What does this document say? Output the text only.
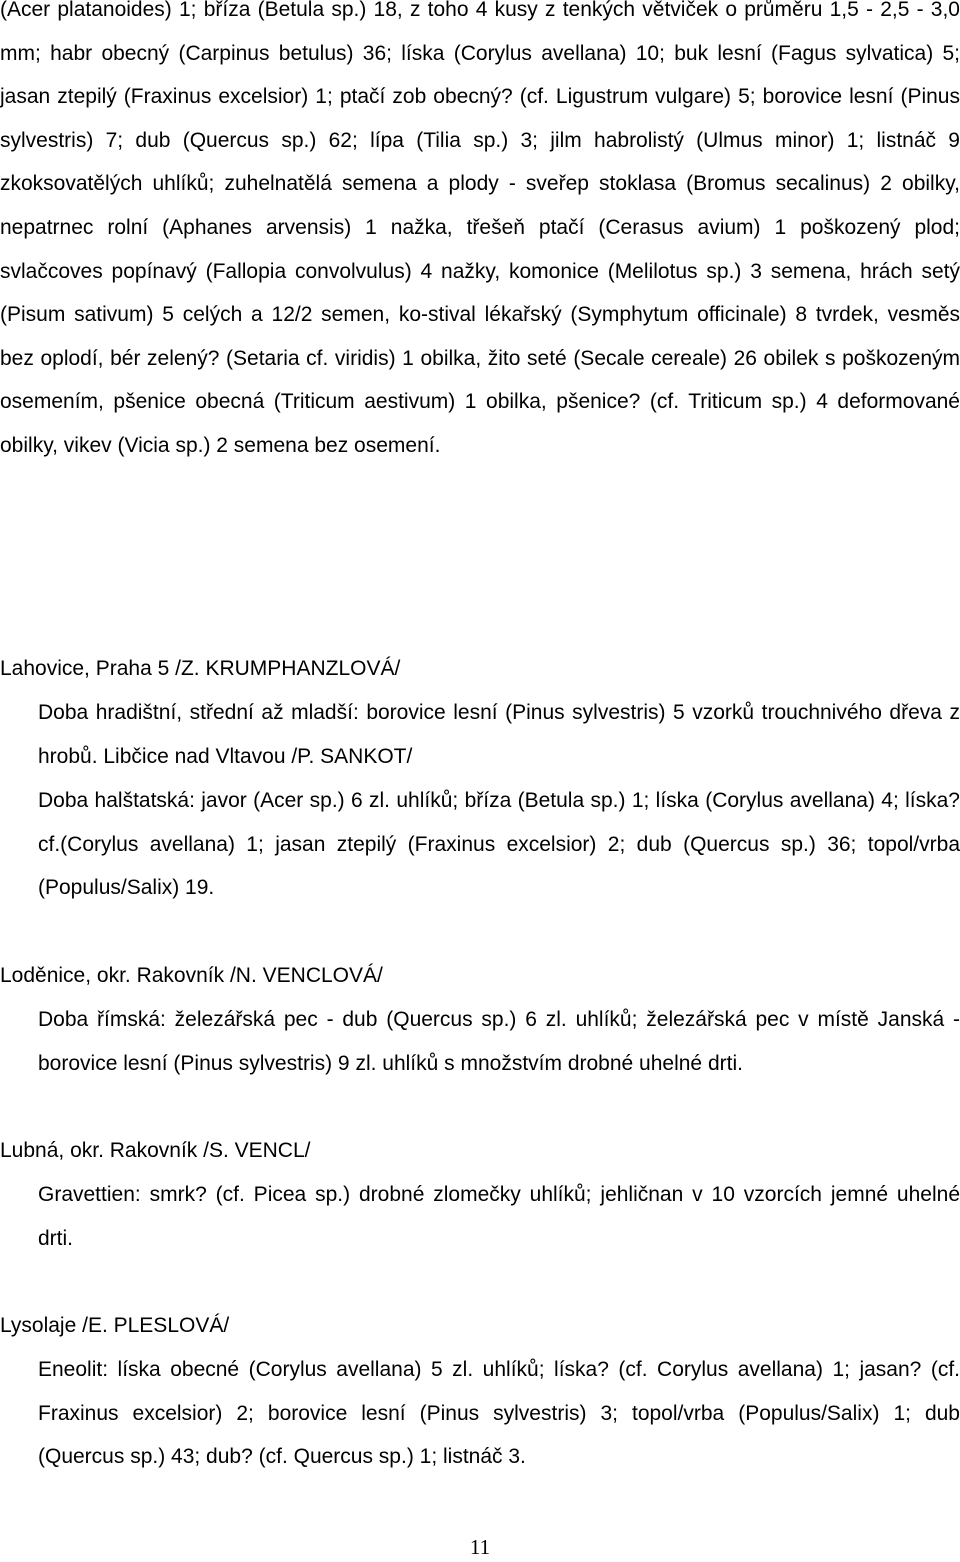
(Acer platanoides) 1; bříza (Betula sp.) 18, z toho 4 kusy z tenkých větviček o průměru 1,5 - 2,5 - 3,0 mm; habr obecný (Carpinus betulus) 36; líska (Corylus avellana) 10; buk lesní (Fagus sylvatica) 5; jasan ztepilý (Fraxinus excelsior) 1; ptačí zob obecný? (cf. Ligustrum vulgare) 5; borovice lesní (Pinus sylvestris) 7; dub (Quercus sp.) 62; lípa (Tilia sp.) 3; jilm habrolistý (Ulmus minor) 1; listnáč 9 zkoksovatělých uhlíků; zuhelnatělá semena a plody - sveřep stoklasa (Bromus secalinus) 2 obilky, nepatrnec rolní (Aphanes arvensis) 1 nažka, třešeň ptačí (Cerasus avium) 1 poškozený plod; svlačcoves popínavý (Fallopia convolvulus) 4 nažky, komonice (Melilotus sp.) 3 semena, hrách setý (Pisum sativum) 5 celých a 12/2 semen, ko-stival lékařský (Symphytum officinale) 8 tvrdek, vesměs bez oplodí, bér zelený? (Setaria cf. viridis) 1 obilka, žito seté (Secale cereale) 26 obilek s poškozeným osemením, pšenice obecná (Triticum aestivum) 1 obilka, pšenice? (cf. Triticum sp.) 4 deformované obilky, vikev (Vicia sp.) 2 semena bez osemení.

Lahovice, Praha 5 /Z. KRUMPHANZLOVÁ/

Doba hradištní, střední až mladší: borovice lesní (Pinus sylvestris) 5 vzorků trouchnivého dřeva z hrobů. Libčice nad Vltavou /P. SANKOT/

Doba halštatská: javor (Acer sp.) 6 zl. uhlíků; bříza (Betula sp.) 1; líska (Corylus avellana) 4; líska? cf.(Corylus avellana) 1; jasan ztepilý (Fraxinus excelsior) 2; dub (Quercus sp.) 36; topol/vrba (Populus/Salix) 19.

Loděnice, okr. Rakovník /N. VENCLOVÁ/

Doba římská: železářská pec - dub (Quercus sp.) 6 zl. uhlíků; železářská pec v místě Janská - borovice lesní (Pinus sylvestris) 9 zl. uhlíků s množstvím drobné uhelné drti.

Lubná, okr. Rakovník /S. VENCL/

Gravettien: smrk? (cf. Picea sp.) drobné zlomečky uhlíků; jehličnan v 10 vzorcích jemné uhelné drti.

Lysolaje /E. PLESLOVÁ/

Eneolit: líska obecné (Corylus avellana) 5 zl. uhlíků; líska? (cf. Corylus avellana) 1; jasan? (cf. Fraxinus excelsior) 2; borovice lesní (Pinus sylvestris) 3; topol/vrba (Populus/Salix) 1; dub (Quercus sp.) 43; dub? (cf. Quercus sp.) 1; listnáč 3.

11
